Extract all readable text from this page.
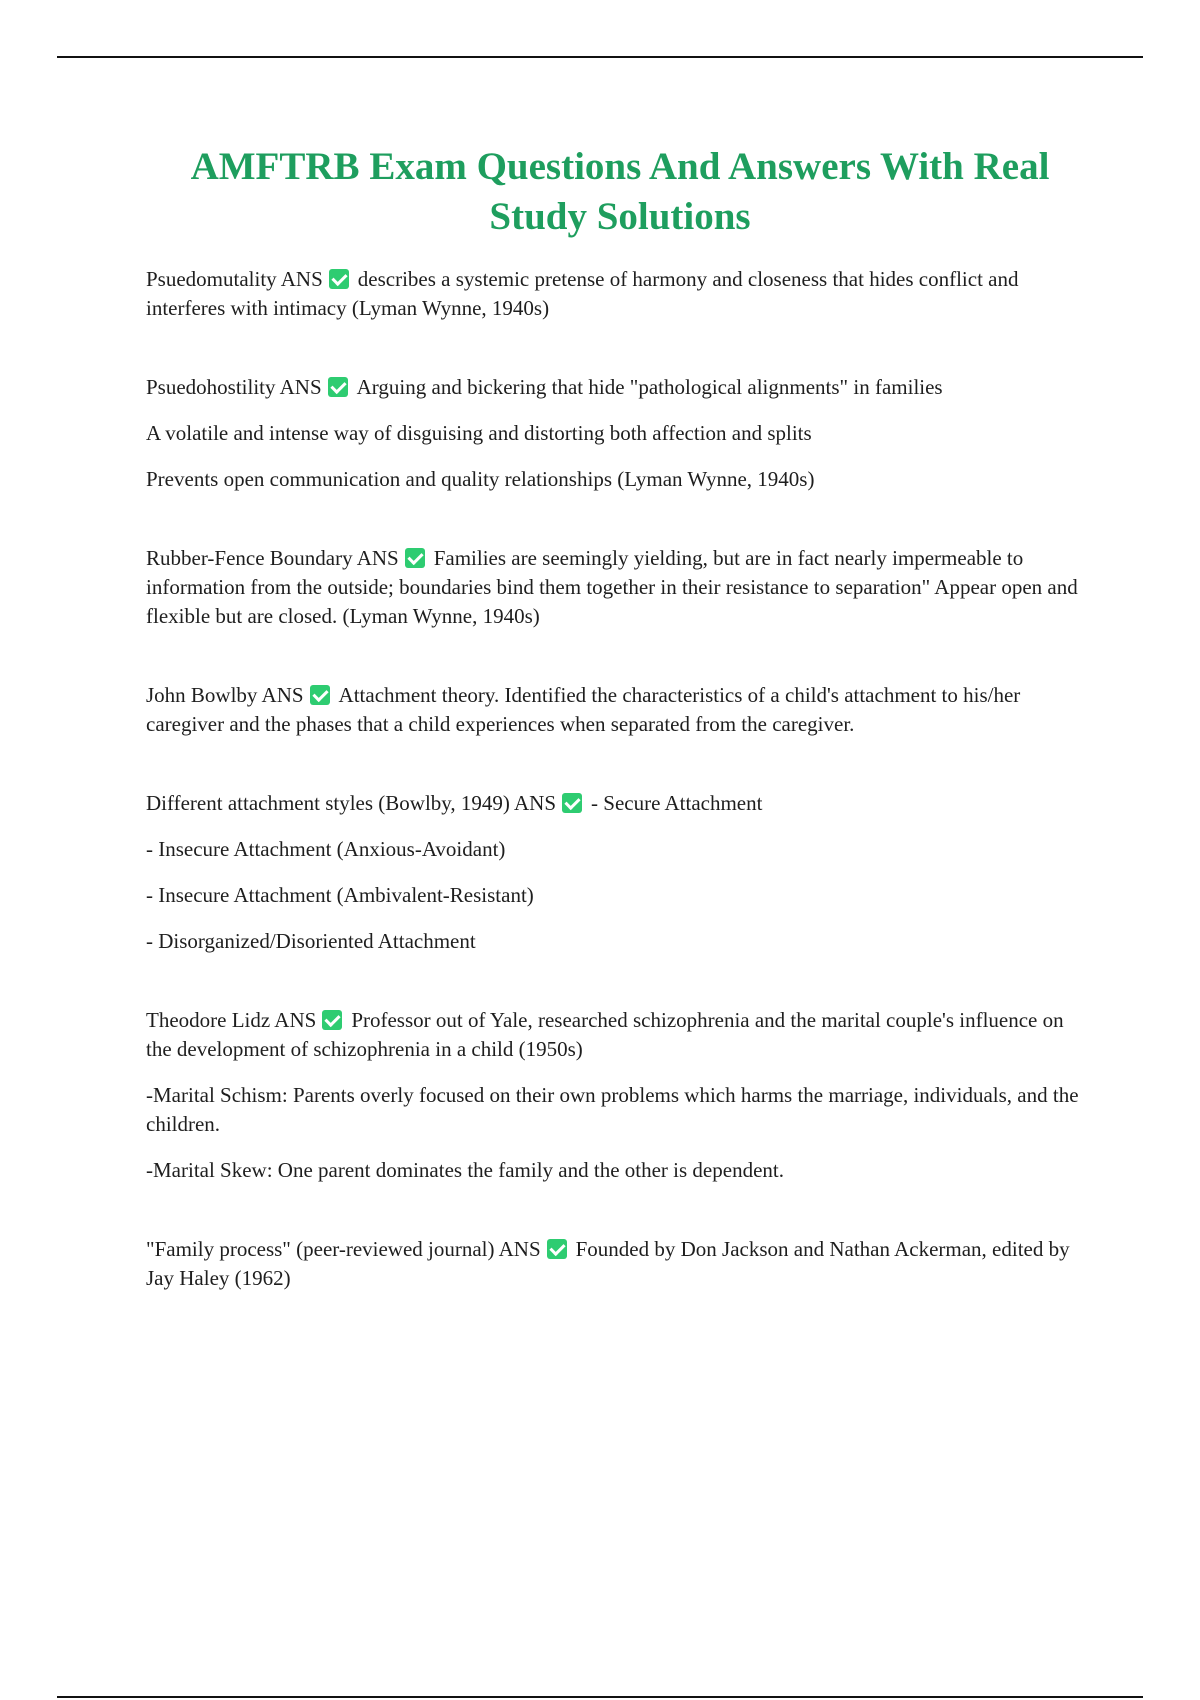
AMFTRB Exam Questions And Answers With Real Study Solutions

Psuedomutality ANS describes a systemic pretense of harmony and closeness that hides conflict and interferes with intimacy (Lyman Wynne, 1940s)

Psuedohostility ANS Arguing and bickering that hide "pathological alignments" in families

A volatile and intense way of disguising and distorting both affection and splits

Prevents open communication and quality relationships (Lyman Wynne, 1940s)

Rubber-Fence Boundary ANS Families are seemingly yielding, but are in fact nearly impermeable to information from the outside; boundaries bind them together in their resistance to separation" Appear open and flexible but are closed. (Lyman Wynne, 1940s)

John Bowlby ANS Attachment theory. Identified the characteristics of a child's attachment to his/her caregiver and the phases that a child experiences when separated from the caregiver.

Different attachment styles (Bowlby, 1949) ANS - Secure Attachment

- Insecure Attachment (Anxious-Avoidant)

- Insecure Attachment (Ambivalent-Resistant)

- Disorganized/Disoriented Attachment

Theodore Lidz ANS Professor out of Yale, researched schizophrenia and the marital couple's influence on the development of schizophrenia in a child (1950s)

-Marital Schism: Parents overly focused on their own problems which harms the marriage, individuals, and the children.

-Marital Skew: One parent dominates the family and the other is dependent.

"Family process" (peer-reviewed journal) ANS Founded by Don Jackson and Nathan Ackerman, edited by Jay Haley (1962)
